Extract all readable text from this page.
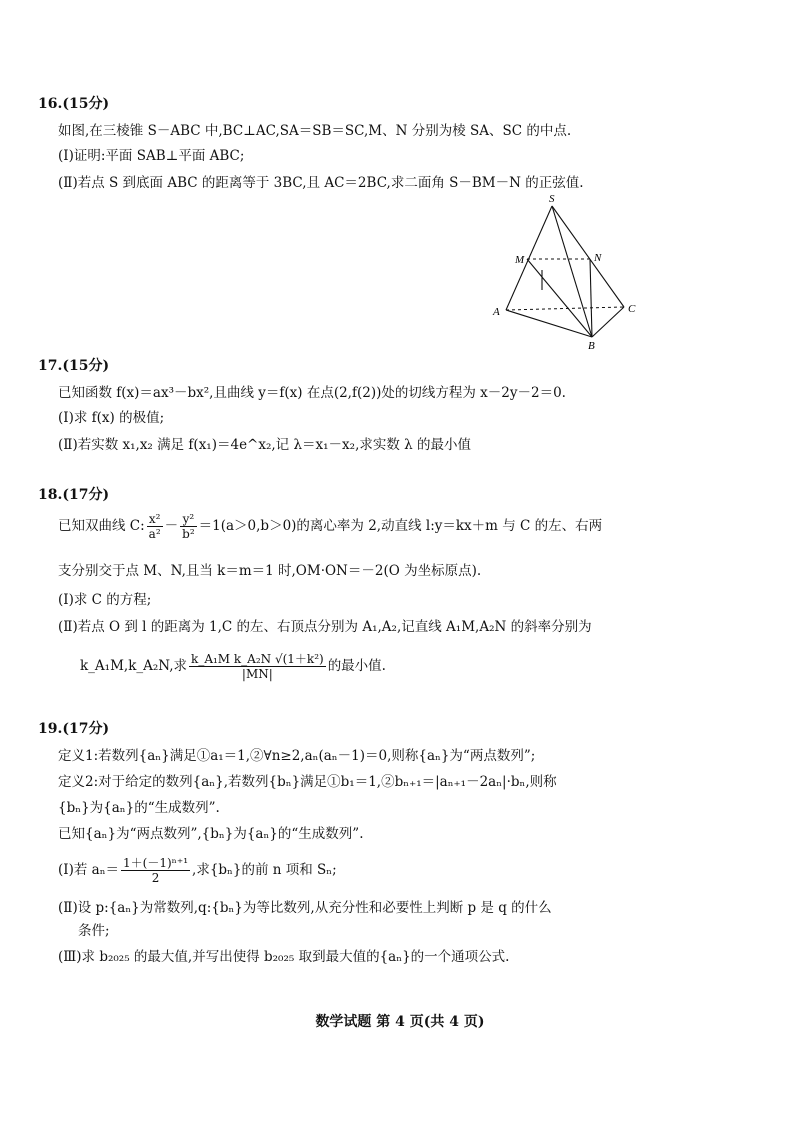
16.(15分)
如图,在三棱锥 S－ABC 中,BC⊥AC,SA＝SB＝SC,M、N 分别为棱 SA、SC 的中点.
(Ⅰ)证明:平面 SAB⊥平面 ABC;
(Ⅱ)若点 S 到底面 ABC 的距离等于 3BC,且 AC＝2BC,求二面角 S－BM－N 的正弦值.
S
M	N
A	C
B
17.(15分)
已知函数 f(x)＝ax³－bx²,且曲线 y＝f(x) 在点(2,f(2))处的切线方程为 x－2y－2＝0.
(Ⅰ)求 f(x) 的极值;
(Ⅱ)若实数 x₁,x₂ 满足 f(x₁)＝4e^x₂,记 λ＝x₁－x₂,求实数 λ 的最小值
18.(17分)
已知双曲线 C: $\frac{\text{x²}}{\text{a²}} - \frac{\text{y²}}{\text{b²}} =1(a>0,b>0)$的离心率为 2,动直线 l:y＝kx＋m 与 C 的左、右两
支分别交于点 M、N,且当 k＝m＝1 时,OM·ON＝－2(O 为坐标原点).
(Ⅰ)求 C 的方程;
(Ⅱ)若点 O 到 l 的距离为 1,C 的左、右顶点分别为 A₁,A₂,记直线 A₁M,A₂N 的斜率分别为
k_A₁M,k_A₂N,求 $\frac{\text{k\_A₁M k\_A₂N √(1＋k²)}}{|MN|}$ 的最小值.
19.(17分)
定义1:若数列{aₙ}满足①a₁＝1,②∀n≥2,aₙ(aₙ－1)＝0,则称{aₙ}为“两点数列”;
定义2:对于给定的数列{aₙ},若数列{bₙ}满足①b₁＝1,②bₙ₊₁＝|aₙ₊₁－2aₙ|·bₙ,则称
{bₙ}为{aₙ}的“生成数列”.
已知{aₙ}为“两点数列”,{bₙ}为{aₙ}的“生成数列”.
(Ⅰ)若 $a_n= \frac{\text{1＋(－1)ⁿ⁺¹}}{2}$ ,求{bₙ}的前 n 项和 Sₙ;
(Ⅱ)设 p:{aₙ}为常数列,q:{bₙ}为等比数列,从充分性和必要性上判断 p 是 q 的什么
条件;
(Ⅲ)求 b₂₀₂₅ 的最大值,并写出使得 b₂₀₂₅ 取到最大值的{aₙ}的一个通项公式.
数学试题 第 4 页(共 4 页)
